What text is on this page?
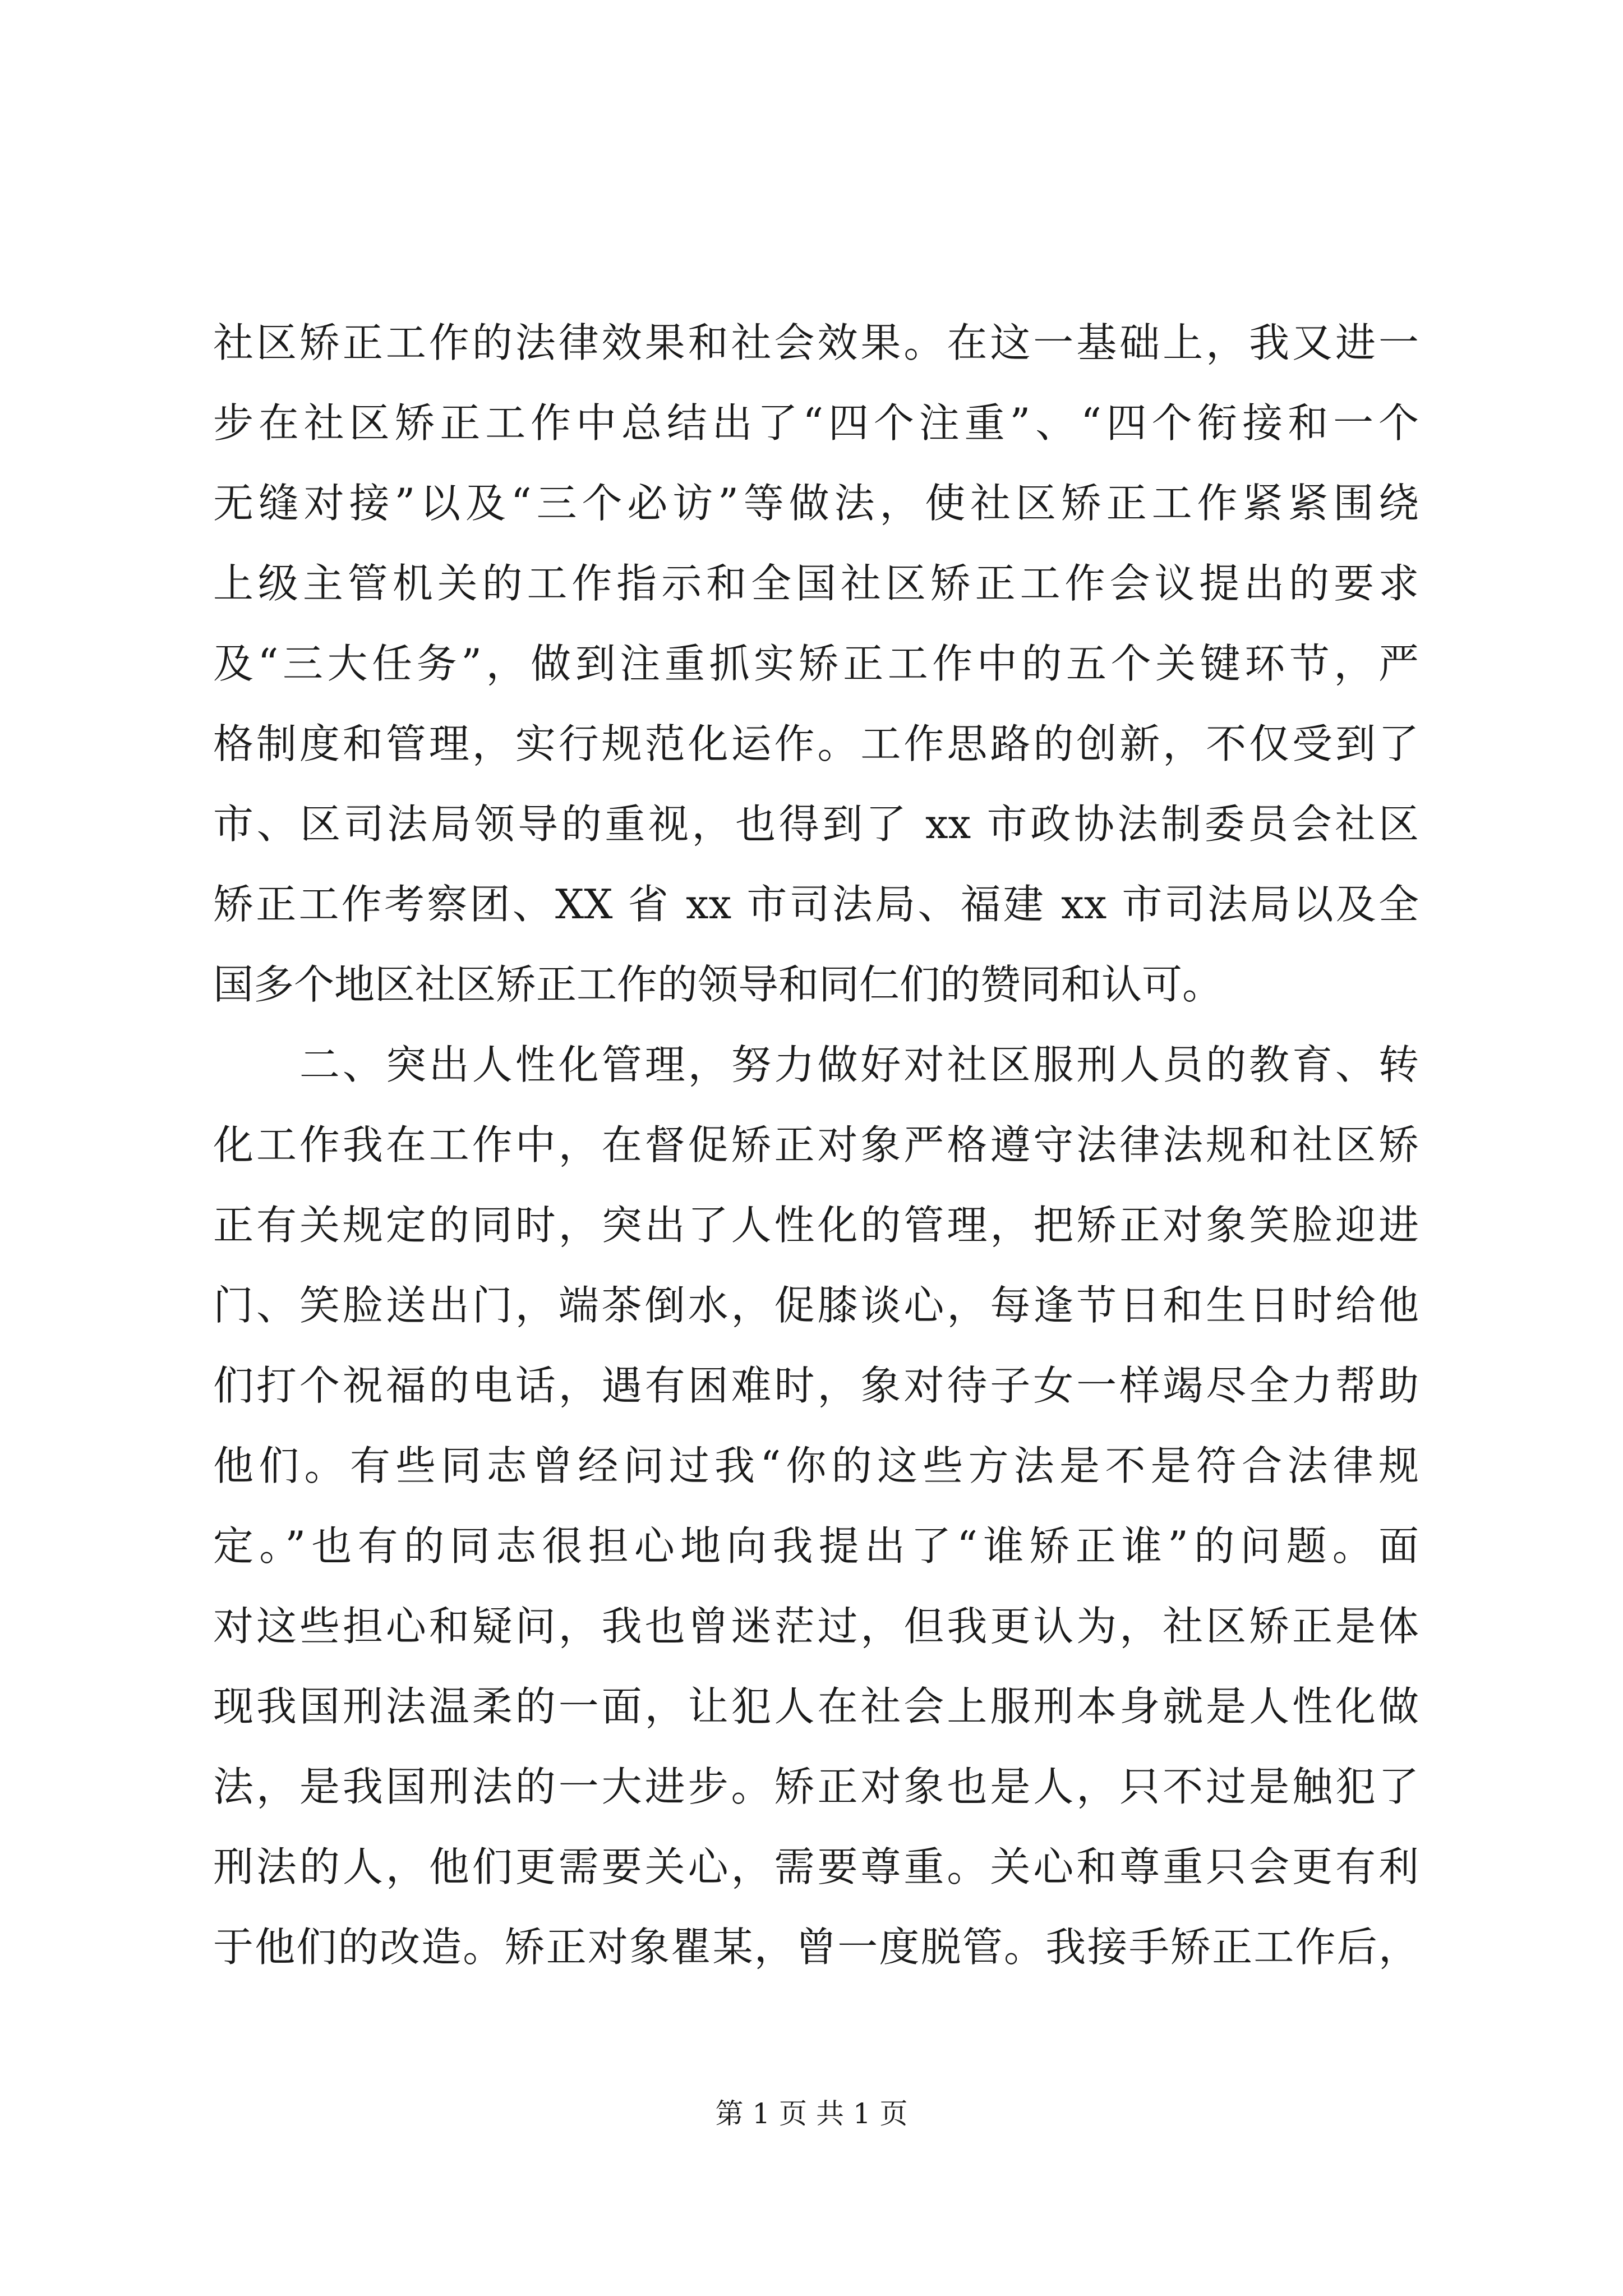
社区矫正工作的法律效果和社会效果。在这一基础上，我又进一
步在社区矫正工作中总结出了“四个注重”、“四个衔接和一个
无缝对接”以及“三个必访”等做法，使社区矫正工作紧紧围绕
上级主管机关的工作指示和全国社区矫正工作会议提出的要求
及“三大任务”，做到注重抓实矫正工作中的五个关键环节，严
格制度和管理，实行规范化运作。工作思路的创新，不仅受到了
市、区司法局领导的重视，也得到了 xx 市政协法制委员会社区
矫正工作考察团、XX 省 xx 市司法局、福建 xx 市司法局以及全
国多个地区社区矫正工作的领导和同仁们的赞同和认可。
　　二、突出人性化管理，努力做好对社区服刑人员的教育、转
化工作我在工作中，在督促矫正对象严格遵守法律法规和社区矫
正有关规定的同时，突出了人性化的管理，把矫正对象笑脸迎进
门、笑脸送出门，端茶倒水，促膝谈心，每逢节日和生日时给他
们打个祝福的电话，遇有困难时，象对待子女一样竭尽全力帮助
他们。有些同志曾经问过我“你的这些方法是不是符合法律规
定。”也有的同志很担心地向我提出了“谁矫正谁”的问题。面
对这些担心和疑问，我也曾迷茫过，但我更认为，社区矫正是体
现我国刑法温柔的一面，让犯人在社会上服刑本身就是人性化做
法，是我国刑法的一大进步。矫正对象也是人，只不过是触犯了
刑法的人，他们更需要关心，需要尊重。关心和尊重只会更有利
于他们的改造。矫正对象瞿某，曾一度脱管。我接手矫正工作后，
第 1 页 共 1 页
